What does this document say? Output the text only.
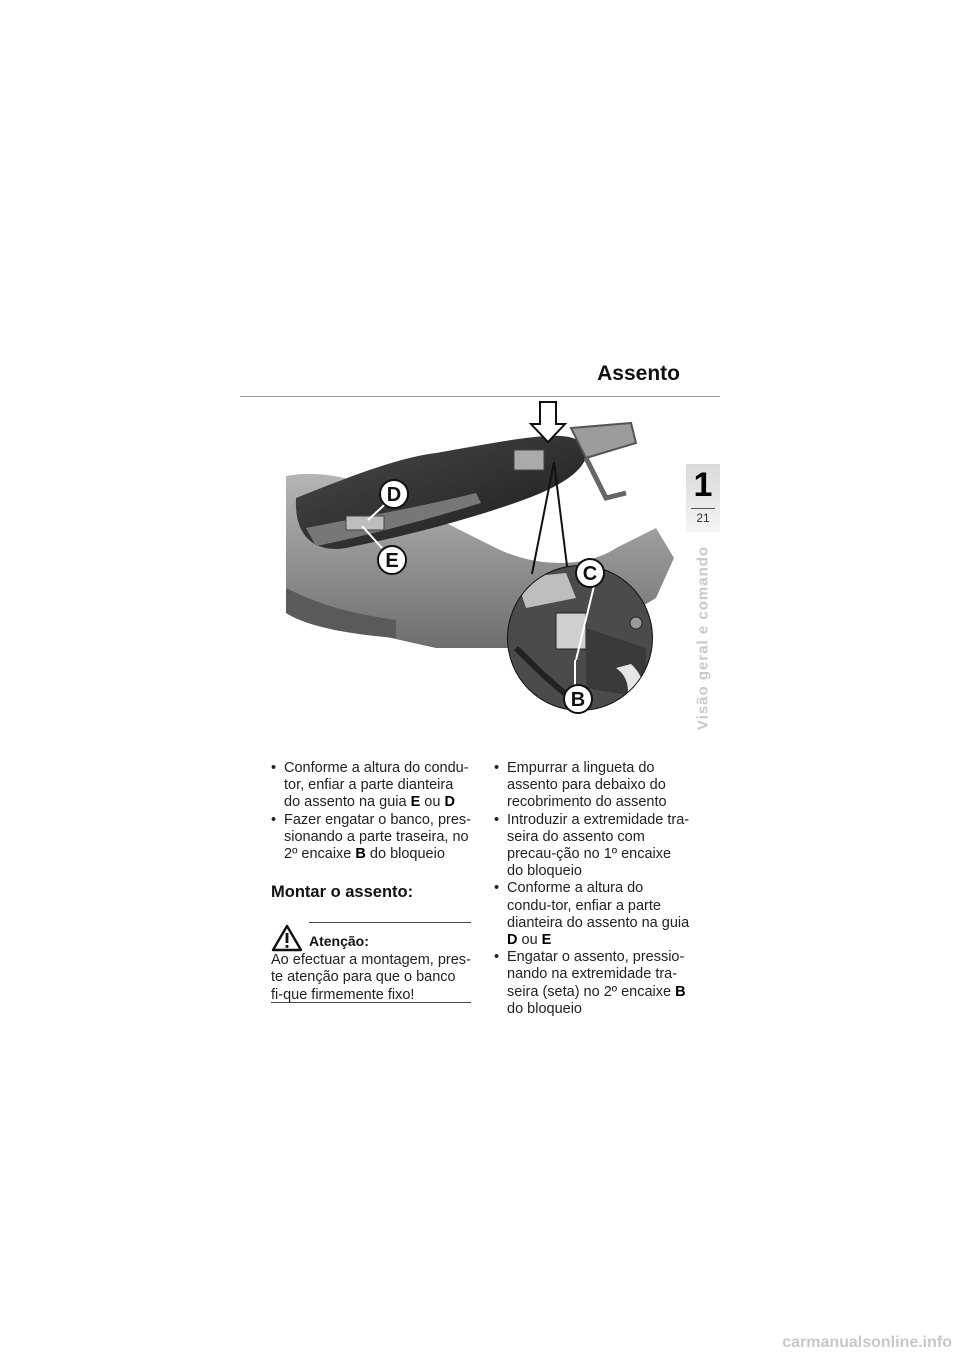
Assento
1
21
Visão geral e comando
D
E
C
B
• Conforme a altura do condu-tor, enfiar a parte dianteira do assento na guia E ou D
• Fazer engatar o banco, pres-sionando a parte traseira, no 2º encaixe B do bloqueio
Montar o assento:
Atenção:
Ao efectuar a montagem, pres-te atenção para que o banco fi-que firmemente fixo!
• Empurrar a lingueta do assento para debaixo do recobrimento do assento
• Introduzir a extremidade tra-seira do assento com precau-ção no 1º encaixe do bloqueio
• Conforme a altura do condu-tor, enfiar a parte dianteira do assento na guia D ou E
• Engatar o assento, pressio-nando na extremidade tra-seira (seta) no 2º encaixe B do bloqueio
carmanualsonline.info
